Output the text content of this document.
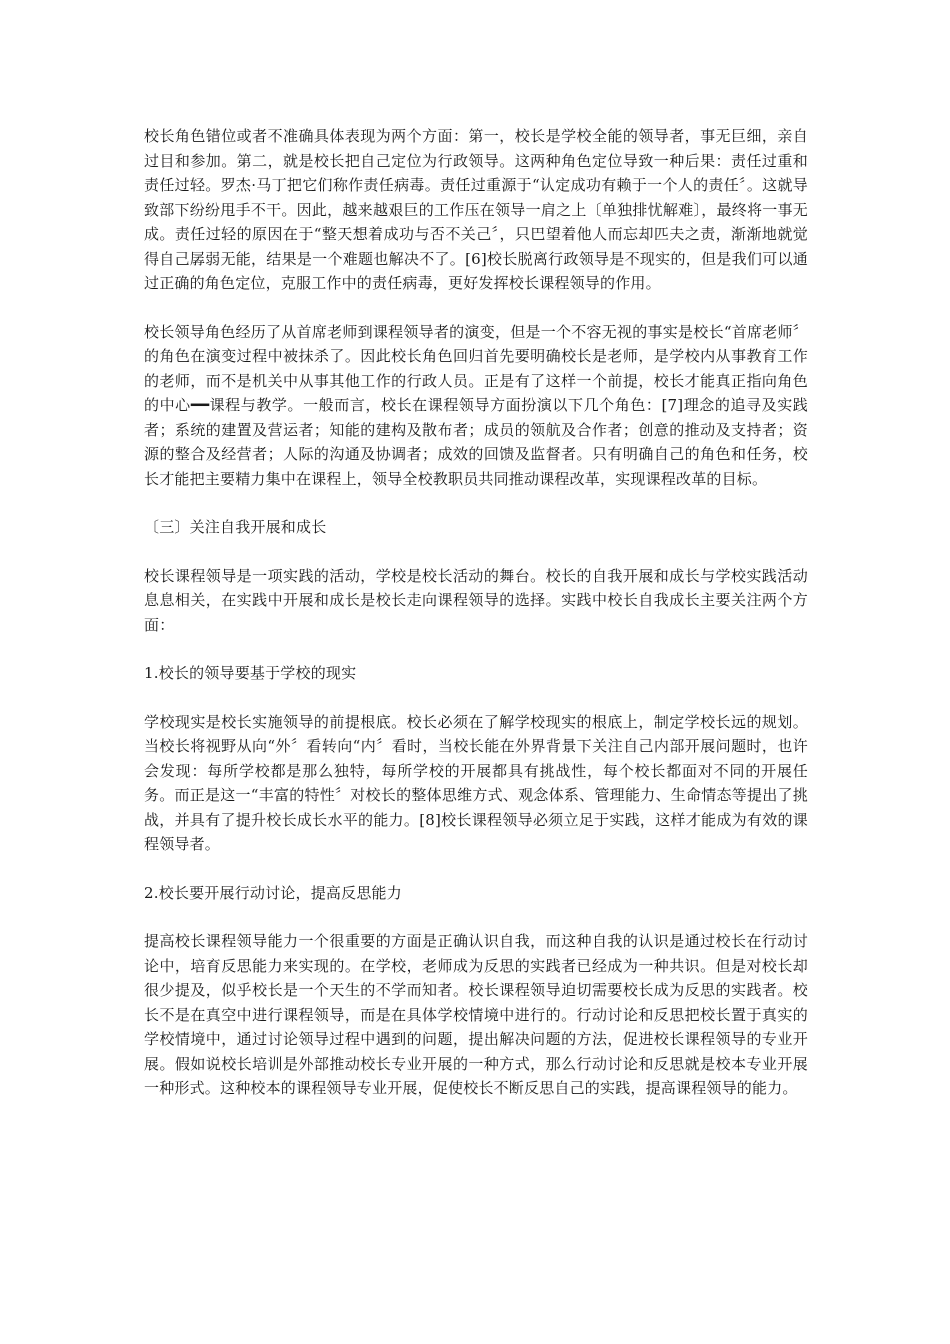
校长角色错位或者不准确具体表现为两个方面：第一，校长是学校全能的领导者，事无巨细，亲自过目和参加。第二，就是校长把自己定位为行政领导。这两种角色定位导致一种后果：责任过重和责任过轻。罗杰·马丁把它们称作责任病毒。责任过重源于“认定成功有赖于一个人的责任〞。这就导致部下纷纷甩手不干。因此，越来越艰巨的工作压在领导一肩之上〔单独排忧解难〕，最终将一事无成。责任过轻的原因在于“整天想着成功与否不关己〞，只巴望着他人而忘却匹夫之责，渐渐地就觉得自己孱弱无能，结果是一个难题也解决不了。[6]校长脱离行政领导是不现实的，但是我们可以通过正确的角色定位，克服工作中的责任病毒，更好发挥校长课程领导的作用。

校长领导角色经历了从首席老师到课程领导者的演变，但是一个不容无视的事实是校长“首席老师〞的角色在演变过程中被抹杀了。因此校长角色回归首先要明确校长是老师，是学校内从事教育工作的老师，而不是机关中从事其他工作的行政人员。正是有了这样一个前提，校长才能真正指向角色的中心━━课程与教学。一般而言，校长在课程领导方面扮演以下几个角色：[7]理念的追寻及实践者；系统的建置及营运者；知能的建构及散布者；成员的领航及合作者；创意的推动及支持者；资源的整合及经营者；人际的沟通及协调者；成效的回馈及监督者。只有明确自己的角色和任务，校长才能把主要精力集中在课程上，领导全校教职员共同推动课程改革，实现课程改革的目标。

〔三〕关注自我开展和成长

校长课程领导是一项实践的活动，学校是校长活动的舞台。校长的自我开展和成长与学校实践活动息息相关，在实践中开展和成长是校长走向课程领导的选择。实践中校长自我成长主要关注两个方面：

1.校长的领导要基于学校的现实

学校现实是校长实施领导的前提根底。校长必须在了解学校现实的根底上，制定学校长远的规划。当校长将视野从向“外〞看转向“内〞看时，当校长能在外界背景下关注自己内部开展问题时，也许会发现：每所学校都是那么独特，每所学校的开展都具有挑战性，每个校长都面对不同的开展任务。而正是这一“丰富的特性〞对校长的整体思维方式、观念体系、管理能力、生命情态等提出了挑战，并具有了提升校长成长水平的能力。[8]校长课程领导必须立足于实践，这样才能成为有效的课程领导者。

2.校长要开展行动讨论，提高反思能力

提高校长课程领导能力一个很重要的方面是正确认识自我，而这种自我的认识是通过校长在行动讨论中，培育反思能力来实现的。在学校，老师成为反思的实践者已经成为一种共识。但是对校长却很少提及，似乎校长是一个天生的不学而知者。校长课程领导迫切需要校长成为反思的实践者。校长不是在真空中进行课程领导，而是在具体学校情境中进行的。行动讨论和反思把校长置于真实的学校情境中，通过讨论领导过程中遇到的问题，提出解决问题的方法，促进校长课程领导的专业开展。假如说校长培训是外部推动校长专业开展的一种方式，那么行动讨论和反思就是校本专业开展一种形式。这种校本的课程领导专业开展，促使校长不断反思自己的实践，提高课程领导的能力。
